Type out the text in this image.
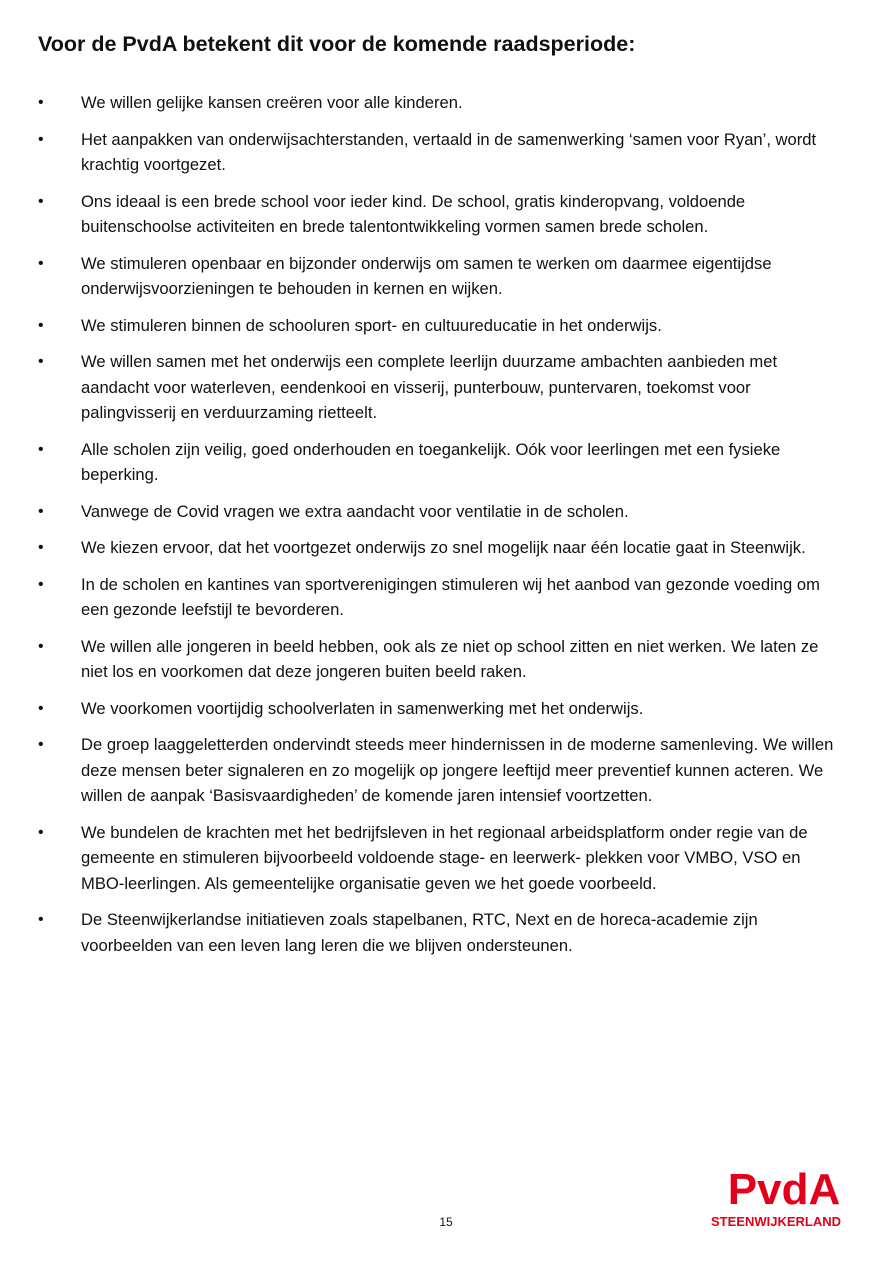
Voor de PvdA betekent dit voor de komende raadsperiode:
• We willen gelijke kansen creëren voor alle kinderen.
• Het aanpakken van onderwijsachterstanden, vertaald in de samenwerking ‘samen voor Ryan’, wordt krachtig voortgezet.
• Ons ideaal is een brede school voor ieder kind. De school, gratis kinderopvang, voldoende buitenschoolse activiteiten en brede talentontwikkeling vormen samen brede scholen.
• We stimuleren openbaar en bijzonder onderwijs om samen te werken om daarmee eigentijdse onderwijsvoorzieningen te behouden in kernen en wijken.
• We stimuleren binnen de schooluren sport- en cultuureducatie in het onderwijs.
• We willen samen met het onderwijs een complete leerlijn duurzame ambachten aanbieden met aandacht voor waterleven, eendenkooi en visserij, punterbouw, puntervaren, toekomst voor palingvisserij en verduurzaming rietteelt.
• Alle scholen zijn veilig, goed onderhouden en toegankelijk. Oók voor leerlingen met een fysieke beperking.
• Vanwege de Covid vragen we extra aandacht voor ventilatie in de scholen.
• We kiezen ervoor, dat het voortgezet onderwijs zo snel mogelijk naar één locatie gaat in Steenwijk.
• In de scholen en kantines van sportverenigingen stimuleren wij het aanbod van gezonde voeding om een gezonde leefstijl te bevorderen.
• We willen alle jongeren in beeld hebben, ook als ze niet op school zitten en niet werken. We laten ze niet los en voorkomen dat deze jongeren buiten beeld raken.
• We voorkomen voortijdig schoolverlaten in samenwerking met het onderwijs.
• De groep laaggeletterden ondervindt steeds meer hindernissen in de moderne samenleving. We willen deze mensen beter signaleren en zo mogelijk op jongere leeftijd meer preventief kunnen acteren. We willen de aanpak ‘Basisvaardigheden’ de komende jaren intensief voortzetten.
• We bundelen de krachten met het bedrijfsleven in het regionaal arbeidsplatform onder regie van de gemeente en stimuleren bijvoorbeeld voldoende stage- en leerwerk- plekken voor VMBO, VSO en MBO-leerlingen. Als gemeentelijke organisatie geven we het goede voorbeeld.
• De Steenwijkerlandse initiatieven zoals stapelbanen, RTC, Next en de horeca-academie zijn voorbeelden van een leven lang leren die we blijven ondersteunen.
15
PvdA
STEENWIJKERLAND
